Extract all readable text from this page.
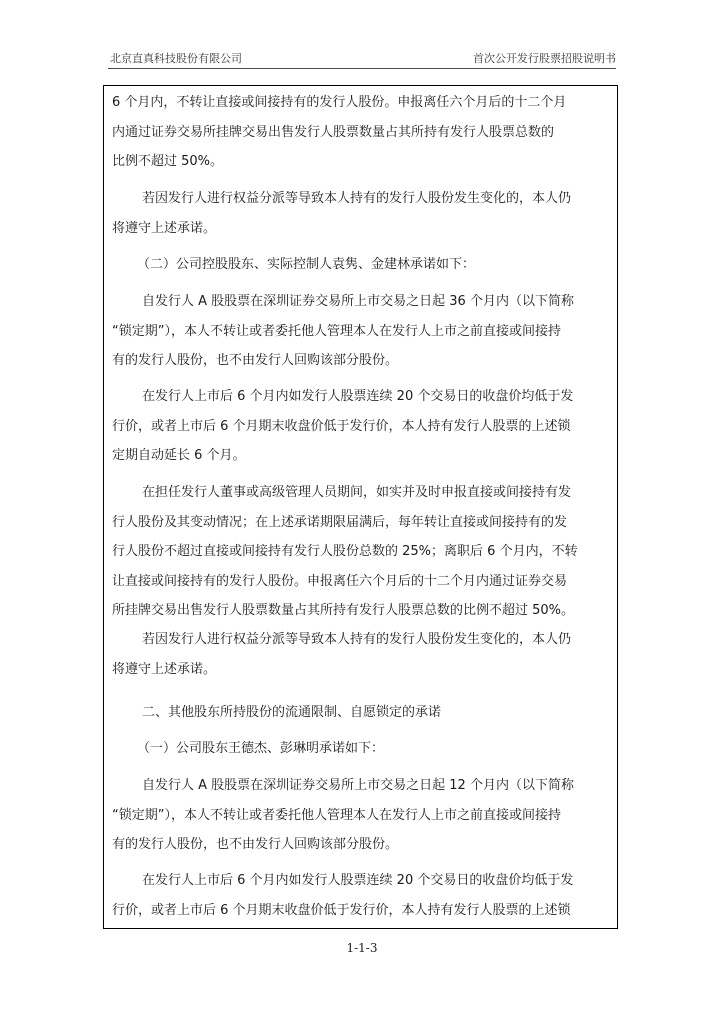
北京直真科技股份有限公司	首次公开发行股票招股说明书
6 个月内，不转让直接或间接持有的发行人股份。申报离任六个月后的十二个月
内通过证券交易所挂牌交易出售发行人股票数量占其所持有发行人股票总数的
比例不超过 50%。
若因发行人进行权益分派等导致本人持有的发行人股份发生变化的，本人仍
将遵守上述承诺。
（二）公司控股股东、实际控制人袁隽、金建林承诺如下：
自发行人 A 股股票在深圳证券交易所上市交易之日起 36 个月内（以下简称
“锁定期”），本人不转让或者委托他人管理本人在发行人上市之前直接或间接持
有的发行人股份，也不由发行人回购该部分股份。
在发行人上市后 6 个月内如发行人股票连续 20 个交易日的收盘价均低于发
行价，或者上市后 6 个月期末收盘价低于发行价，本人持有发行人股票的上述锁
定期自动延长 6 个月。
在担任发行人董事或高级管理人员期间，如实并及时申报直接或间接持有发
行人股份及其变动情况；在上述承诺期限届满后，每年转让直接或间接持有的发
行人股份不超过直接或间接持有发行人股份总数的 25%；离职后 6 个月内，不转
让直接或间接持有的发行人股份。申报离任六个月后的十二个月内通过证券交易
所挂牌交易出售发行人股票数量占其所持有发行人股票总数的比例不超过 50%。
若因发行人进行权益分派等导致本人持有的发行人股份发生变化的，本人仍
将遵守上述承诺。
二、其他股东所持股份的流通限制、自愿锁定的承诺
（一）公司股东王德杰、彭琳明承诺如下：
自发行人 A 股股票在深圳证券交易所上市交易之日起 12 个月内（以下简称
“锁定期”），本人不转让或者委托他人管理本人在发行人上市之前直接或间接持
有的发行人股份，也不由发行人回购该部分股份。
在发行人上市后 6 个月内如发行人股票连续 20 个交易日的收盘价均低于发
行价，或者上市后 6 个月期末收盘价低于发行价，本人持有发行人股票的上述锁
1-1-3
